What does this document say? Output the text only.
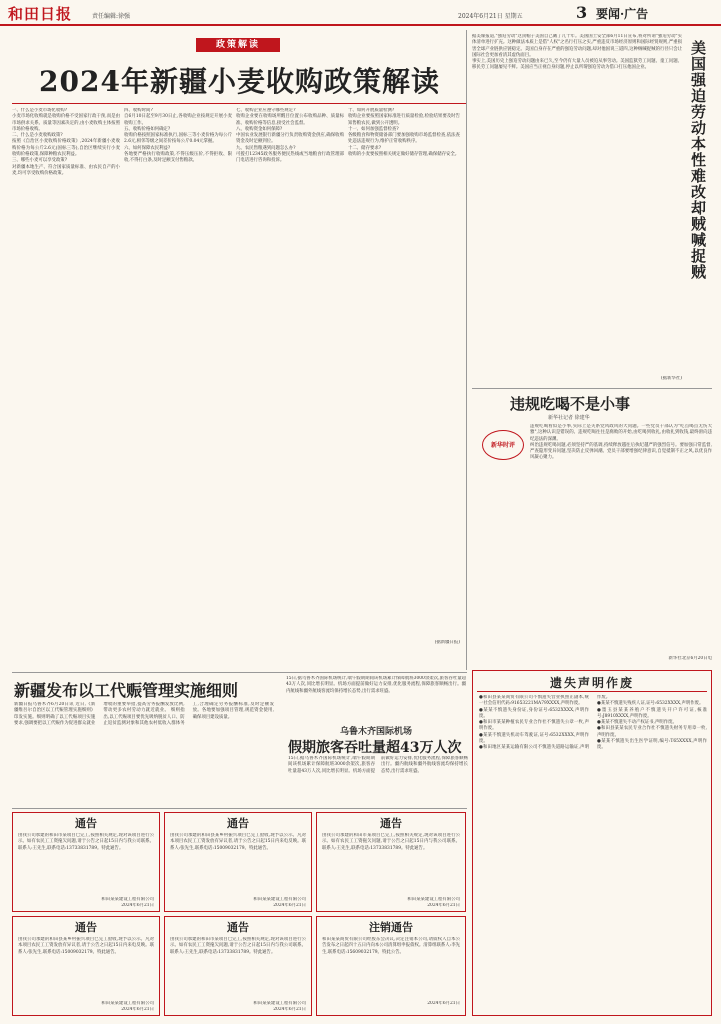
和田日报	责任编辑:徐强	2024年6月21日 星期五	3 要闻·广告
政策解读
2024年新疆小麦收购政策解读
一、什么是小麦市场化收购?
小麦市场化收购就是收购价格不受国家行政干预,而是由市场供求关系、质量等因素决定的,由小麦收购主体按照市场价格收购。
二、什么是小麦收购政策?
按照《自治区小麦收购价格政策》,2024年新疆小麦收购价格为每公斤2.6元(国标三等),自治区继续实行小麦收购价格政策,保障种粮农民利益。
三、哪些小麦可以享受政策?
对新疆本地生产、符合国家质量标准、由农民自产的小麦,均可享受收购价格政策。
四、收购时间?
自6月10日起至9月30日止,各收购企业按规定开展小麦收购工作。
五、收购价格如何确定?
收购价格按照国家标准执行,国标三等小麦价格为每公斤2.6元,相邻等级之间差价按每公斤0.04元掌握。
六、如何保障农民利益?
各地要严格执行收购政策,不得压级压价,不得拒收、限收,不得打白条,及时足额支付售粮款。
七、收购企业应遵守哪些规定?
收购企业要在收购场所醒目位置公布收购品种、质量标准、收购价格等信息,接受社会监督。
八、收购资金如何保障?
中国农业发展银行新疆分行负责收购资金供应,确保收购资金及时足额到位。
九、农民售粮遇到问题怎么办?
可拨打12345政务服务便民热线或当地粮食行政管理部门电话进行咨询和投诉。
十、如何开展质量检测?
收购企业要按照国家标准进行质量检验,检验结果要及时告知售粮农民,做到公开透明。
十一、如何加强监督检查?
各级粮食和物资储备部门要加强收购市场监督检查,依法查处违法违规行为,维护正常收购秩序。
十二、储存要求?
收购的小麦要按照相关规定做好储存管理,确保储存安全。
(据新疆日报)
美国强迫劳动本性难改却贼喊捉贼
据美媒报道,"强迫劳动"这顶帽子美国自己戴了几十年。美国国土安全部6月11日宣布,将对所谓"强迫劳动"实体清单进行扩充。这种做法本质上是借"人权"之名行打压之实,严重违反市场经济原则和国际经贸规则,严重损害全球产业链供应链稳定。美国自身存在严重的强迫劳动问题,却对他国说三道四,这种贼喊捉贼的行径只会让国际社会更加看清其虚伪面目。
事实上,美国历史上强迫劳动问题由来已久,至今仍有大量人员被迫从事劳动。美国监狱劳工问题、童工问题、移民劳工问题屡见不鲜。美国应当正视自身问题,停止以所谓强迫劳动为借口打压他国企业。
(据新华社)
违规吃喝不是小事
新华社记者 徐建华
新华时评
违规吃喝看似是小事,实际上是关系党风政风的大问题。一些党员干部认为"吃点喝点无伤大雅",这种认识是错误的。违规吃喝往往是腐败的开始,由吃喝到收礼,由收礼到收钱,最终滑向违纪违法的深渊。
纠治违规吃喝问题,必须坚持严的基调,持续释放越往后执纪越严的强烈信号。要加强日常监督,严查隐形变异问题,坚决防止反弹回潮。党员干部要增强纪律意识,自觉抵制不正之风,以优良作风凝心聚力。
新华社北京6月20日电
新疆发布以工代赈管理实施细则
新疆日报乌鲁木齐6月20日讯 近日,《新疆维吾尔自治区以工代赈管理实施细则》印发实施。细则明确了以工代赈项目实施要求,强调要把以工代赈作为促进群众就业增收的重要举措,提高劳务报酬发放比例,带动更多农村劳动力就近就业。 细则指出,以工代赈项目要优先吸纳脱贫人口、防止返贫监测对象和其他农村低收入群体务工,合理确定劳务报酬标准,及时足额发放。各地要加强项目管理,规范资金使用,确保项目建设质量。
15日,据乌鲁木齐国际机场统计,端午假期期间该机场累计保障航班3000余架次,旅客吞吐量超43万人次,同比增长明显。机场方面提前做好运力安排,优化服务流程,保障旅客顺畅出行。疆内航线和疆外航线客流均保持增长态势,出行需求旺盛。
乌鲁木齐国际机场
假期旅客吞吐量超43万人次
15日,据乌鲁木齐国际机场统计,端午假期期间该机场累计保障航班3000余架次,旅客吞吐量超43万人次,同比增长明显。机场方面提前做好运力安排,优化服务流程,保障旅客顺畅出行。疆内航线和疆外航线客流均保持增长态势,出行需求旺盛。
通告
由我公司承建的和田市某项目已完工,按照相关规定,现对该项目进行公示。如有农民工工资拖欠问题,请于公告之日起15日内与我公司联系。联系人:王先生,联系电话:13733831789。特此通告。
和田某某建设工程有限公司
2024年6月21日
通告
由我公司承建的和田县某乡村振兴项目已完工验收,现予以公示。凡对本项目农民工工资发放有异议者,请于公告之日起15日内来电反映。联系人:张先生,联系电话:15009032179。特此通告。
和田某某建设工程有限公司
2024年6月21日
通告
由我公司承建的和田市某项目已完工,按照相关规定,现对该项目进行公示。如有农民工工资拖欠问题,请于公告之日起15日内与我公司联系。联系人:王先生,联系电话:13733831789。特此通告。
和田某某建设工程有限公司
2024年6月21日
通告
由我公司承建的和田县某乡村振兴项目已完工验收,现予以公示。凡对本项目农民工工资发放有异议者,请于公告之日起15日内来电反映。联系人:张先生,联系电话:15009032179。特此通告。
和田某某建设工程有限公司
2024年6月21日
通告
由我公司承建的和田市某项目已完工,按照相关规定,现对该项目进行公示。如有农民工工资拖欠问题,请于公告之日起15日内与我公司联系。联系人:王先生,联系电话:13733831789。特此通告。
和田某某建设工程有限公司
2024年6月21日
注销通告
和田某某商贸有限公司经股东会决议,决定注销本公司,请债权人自本公告发布之日起四十五日内向本公司清算组申报债权。清算组联系人:李先生,联系电话:15609032179。特此公告。
2024年6月21日
遗失声明作废
●和田县某某商贸有限公司不慎遗失营业执照正副本,统一社会信用代码:91653221MA79XXXX,声明作废。
●某某不慎遗失身份证,身份证号:6532XXXX,声明作废。
●和田市某某种植农民专业合作社不慎遗失公章一枚,声明作废。
●某某不慎遗失机动车驾驶证,证号:6532XXXX,声明作废。
●和田地区某某运输有限公司不慎遗失道路运输证,声明作废。
●某某不慎遗失残疾人证,证号:6532XXXX,声明作废。
●墨玉县某某养殖户不慎遗失开户许可证,核准号:J8910XXXX,声明作废。
●某某不慎遗失不动产权证书,声明作废。
●和田县某某农民专业合作社不慎遗失财务专用章一枚,声明作废。
●某某不慎遗失出生医学证明,编号:T65XXXX,声明作废。
